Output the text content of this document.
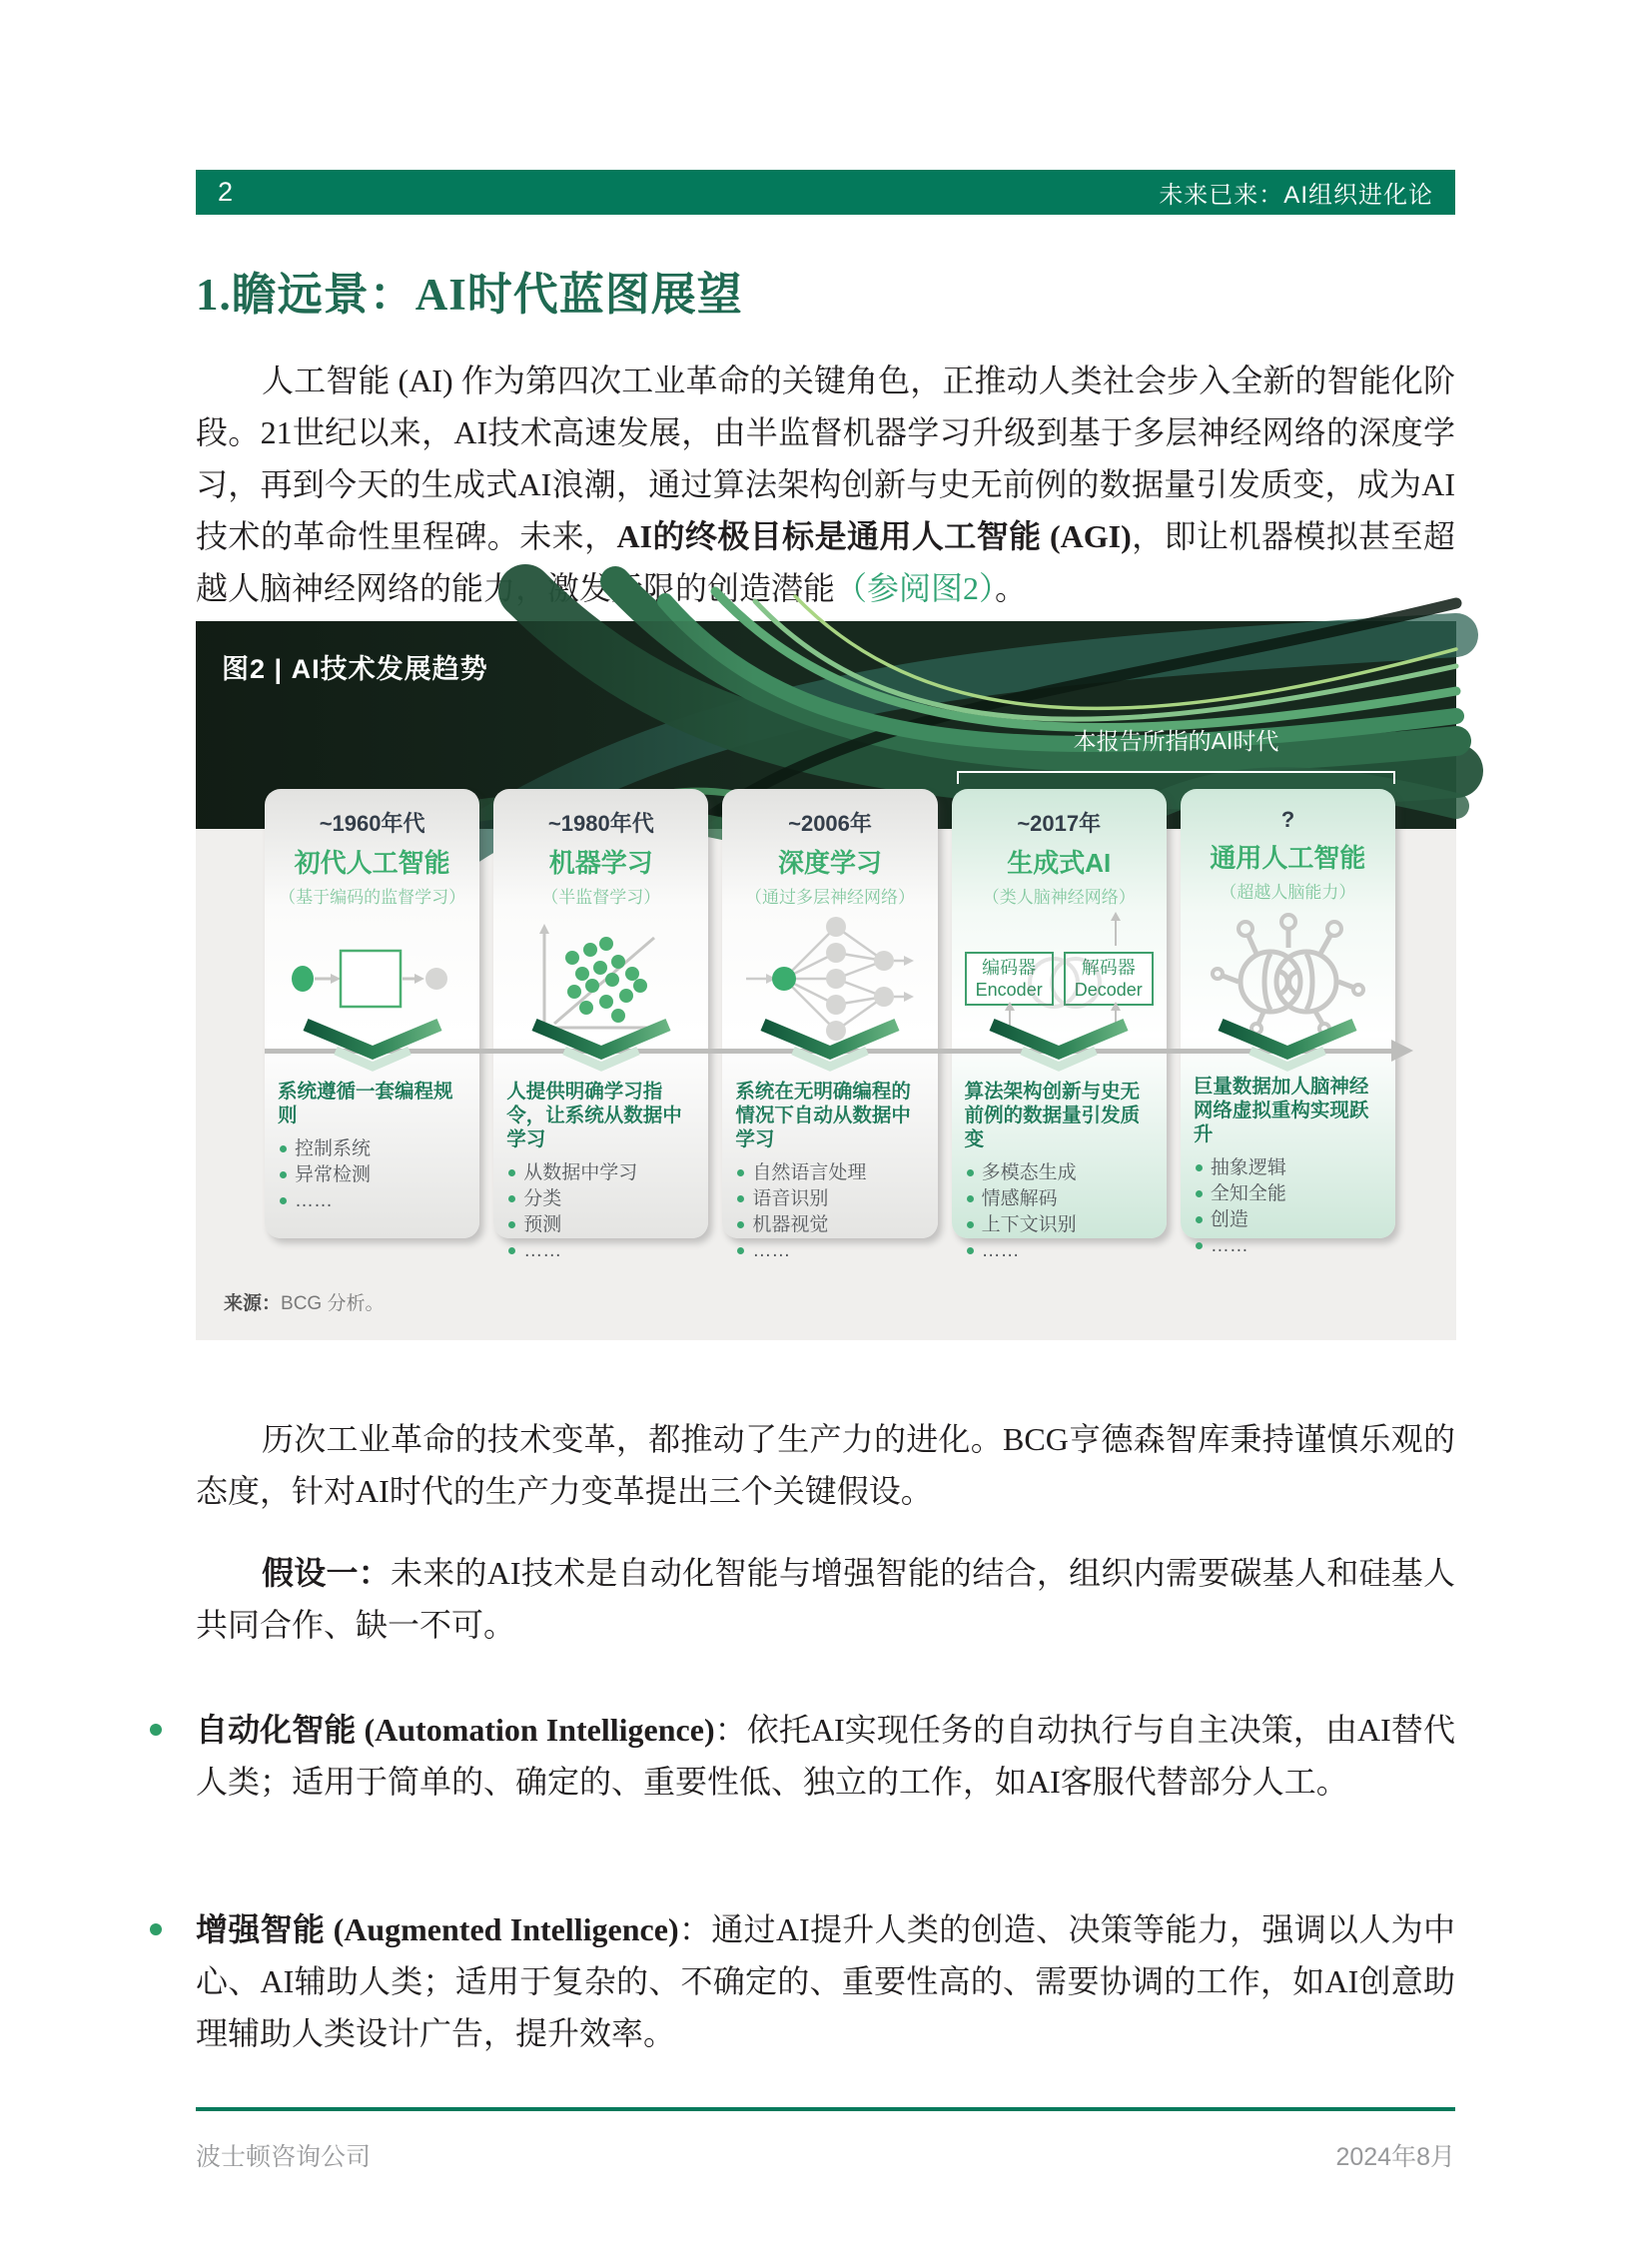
2	未来已来：AI组织进化论
1.瞻远景：AI时代蓝图展望

人工智能 (AI) 作为第四次工业革命的关键角色，正推动人类社会步入全新的智能化阶段。21世纪以来，AI技术高速发展，由半监督机器学习升级到基于多层神经网络的深度学习，再到今天的生成式AI浪潮，通过算法架构创新与史无前例的数据量引发质变，成为AI技术的革命性里程碑。未来，AI的终极目标是通用人工智能 (AGI)，即让机器模拟甚至超越人脑神经网络的能力，激发无限的创造潜能（参阅图2）。

图2 | AI技术发展趋势
本报告所指的AI时代
~1960年代
初代人工智能
（基于编码的监督学习）
系统遵循一套编程规则
控制系统
异常检测
……
~1980年代
机器学习
（半监督学习）
人提供明确学习指令，让系统从数据中学习
从数据中学习
分类
预测
……
~2006年
深度学习
（通过多层神经网络）
系统在无明确编程的情况下自动从数据中学习
自然语言处理
语音识别
机器视觉
……
~2017年
生成式AI
（类人脑神经网络）
编码器
Encoder
解码器
Decoder
算法架构创新与史无前例的数据量引发质变
多模态生成
情感解码
上下文识别
……
?
通用人工智能
（超越人脑能力）
巨量数据加人脑神经网络虚拟重构实现跃升
抽象逻辑
全知全能
创造
……
来源：BCG 分析。

历次工业革命的技术变革，都推动了生产力的进化。BCG亨德森智库秉持谨慎乐观的态度，针对AI时代的生产力变革提出三个关键假设。

假设一：未来的AI技术是自动化智能与增强智能的结合，组织内需要碳基人和硅基人共同合作、缺一不可。

自动化智能 (Automation Intelligence)：依托AI实现任务的自动执行与自主决策，由AI替代人类；适用于简单的、确定的、重要性低、独立的工作，如AI客服代替部分人工。

增强智能 (Augmented Intelligence)：通过AI提升人类的创造、决策等能力，强调以人为中心、AI辅助人类；适用于复杂的、不确定的、重要性高的、需要协调的工作，如AI创意助理辅助人类设计广告，提升效率。

波士顿咨询公司	2024年8月
